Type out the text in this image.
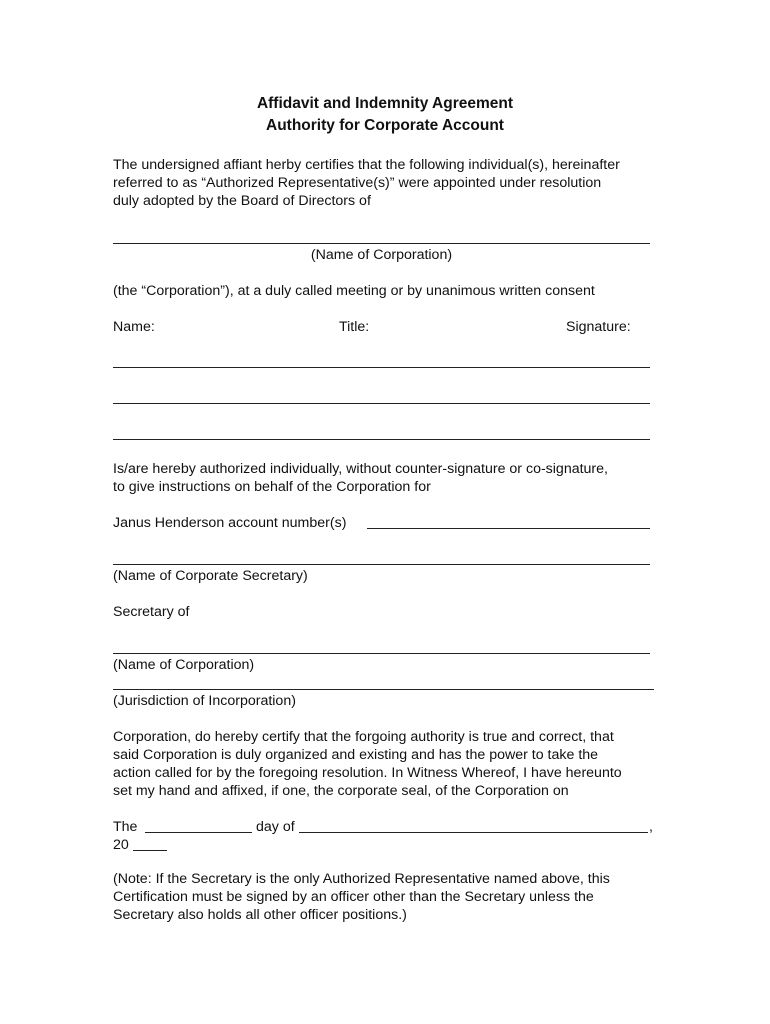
Affidavit and Indemnity Agreement
Authority for Corporate Account
The undersigned affiant herby certifies that the following individual(s), hereinafter
referred to as “Authorized Representative(s)” were appointed under resolution
duly adopted by the Board of Directors of
(Name of Corporation)
(the “Corporation”), at a duly called meeting or by unanimous written consent
Name:	Title:	Signature:
Is/are hereby authorized individually, without counter-signature or co-signature,
to give instructions on behalf of the Corporation for
Janus Henderson account number(s)
(Name of Corporate Secretary)
Secretary of
(Name of Corporation)
(Jurisdiction of Incorporation)
Corporation, do hereby certify that the forgoing authority is true and correct, that
said Corporation is duly organized and existing and has the power to take the
action called for by the foregoing resolution. In Witness Whereof, I have hereunto
set my hand and affixed, if one, the corporate seal, of the Corporation on
The	day of	,
20
(Note: If the Secretary is the only Authorized Representative named above, this
Certification must be signed by an officer other than the Secretary unless the
Secretary also holds all other officer positions.)
